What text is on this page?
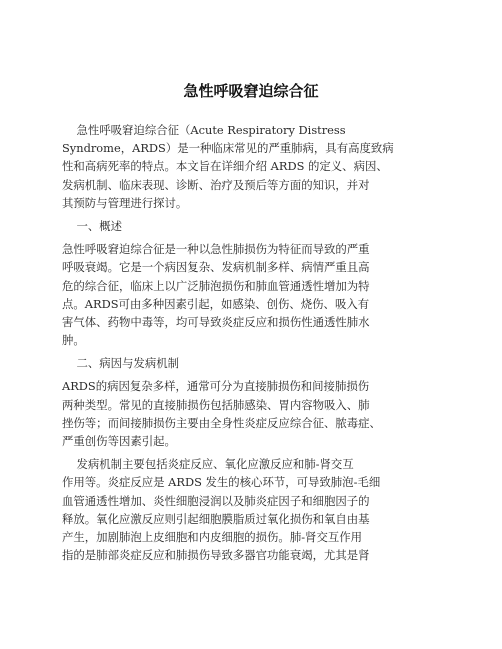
急性呼吸窘迫综合征
急性呼吸窘迫综合征（Acute Respiratory Distress
Syndrome，ARDS）是一种临床常见的严重肺病，具有高度致病
性和高病死率的特点。本文旨在详细介绍 ARDS 的定义、病因、
发病机制、临床表现、诊断、治疗及预后等方面的知识，并对
其预防与管理进行探讨。
一、概述
急性呼吸窘迫综合征是一种以急性肺损伤为特征而导致的严重
呼吸衰竭。它是一个病因复杂、发病机制多样、病情严重且高
危的综合征，临床上以广泛肺泡损伤和肺血管通透性增加为特
点。ARDS可由多种因素引起，如感染、创伤、烧伤、吸入有
害气体、药物中毒等，均可导致炎症反应和损伤性通透性肺水
肿。
二、病因与发病机制
ARDS的病因复杂多样，通常可分为直接肺损伤和间接肺损伤
两种类型。常见的直接肺损伤包括肺感染、胃内容物吸入、肺
挫伤等；而间接肺损伤主要由全身性炎症反应综合征、脓毒症、
严重创伤等因素引起。
发病机制主要包括炎症反应、氧化应激反应和肺-肾交互
作用等。炎症反应是 ARDS 发生的核心环节，可导致肺泡-毛细
血管通透性增加、炎性细胞浸润以及肺炎症因子和细胞因子的
释放。氧化应激反应则引起细胞膜脂质过氧化损伤和氧自由基
产生，加剧肺泡上皮细胞和内皮细胞的损伤。肺-肾交互作用
指的是肺部炎症反应和肺损伤导致多器官功能衰竭，尤其是肾
